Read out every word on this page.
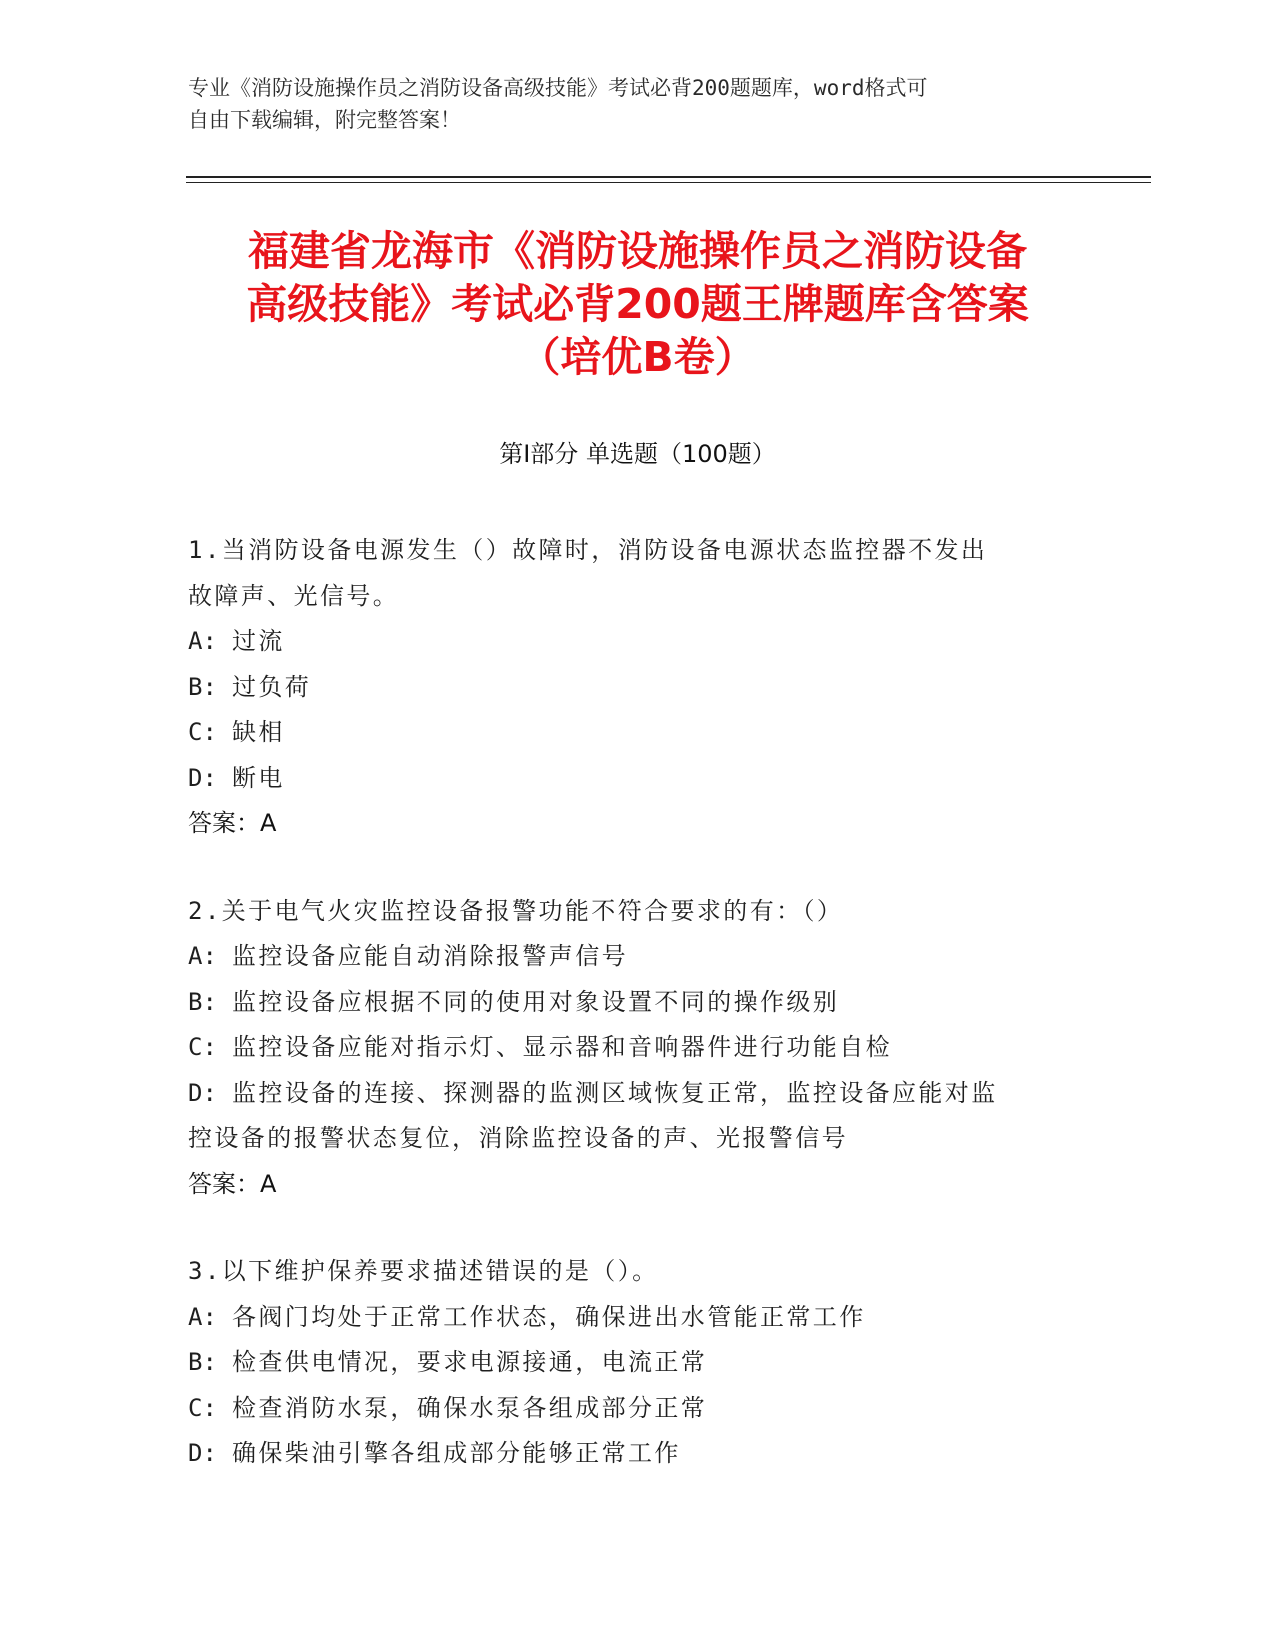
专业《消防设施操作员之消防设备高级技能》考试必背200题题库，word格式可
自由下载编辑，附完整答案！
福建省龙海市《消防设施操作员之消防设备
高级技能》考试必背200题王牌题库含答案
（培优B卷）
第Ⅰ部分 单选题（100题）
1.当消防设备电源发生（）故障时，消防设备电源状态监控器不发出
故障声、光信号。
A: 过流
B: 过负荷
C: 缺相
D: 断电
答案：A
2.关于电气火灾监控设备报警功能不符合要求的有：（）
A: 监控设备应能自动消除报警声信号
B: 监控设备应根据不同的使用对象设置不同的操作级别
C: 监控设备应能对指示灯、显示器和音响器件进行功能自检
D: 监控设备的连接、探测器的监测区域恢复正常，监控设备应能对监
控设备的报警状态复位，消除监控设备的声、光报警信号
答案：A
3.以下维护保养要求描述错误的是（）。
A: 各阀门均处于正常工作状态，确保进出水管能正常工作
B: 检查供电情况，要求电源接通，电流正常
C: 检查消防水泵，确保水泵各组成部分正常
D: 确保柴油引擎各组成部分能够正常工作
